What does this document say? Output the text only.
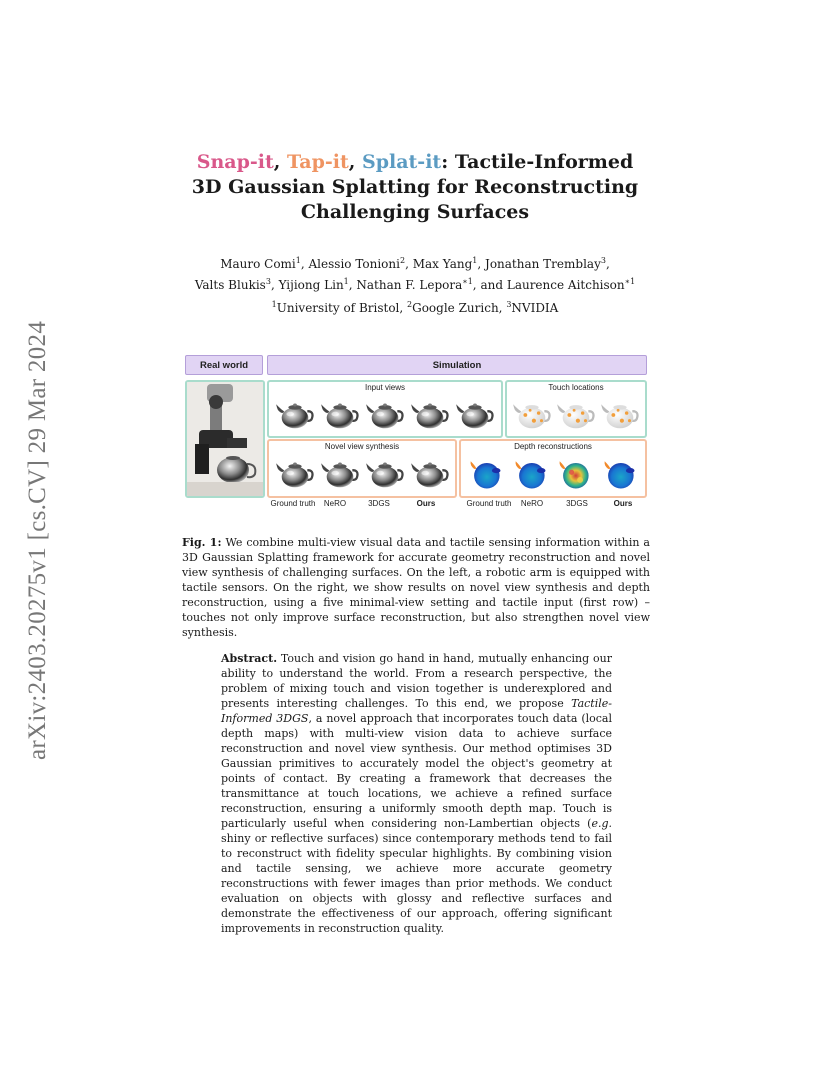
arXiv:2403.20275v1 [cs.CV] 29 Mar 2024
Snap-it, Tap-it, Splat-it: Tactile-Informed 3D Gaussian Splatting for Reconstructing Challenging Surfaces
Mauro Comi$^1$, Alessio Tonioni$^2$, Max Yang$^1$, Jonathan Tremblay$^3$,
Valts Blukis$^3$, Yijiong Lin$^1$, Nathan F. Lepora$^{∗1}$, and Laurence Aitchison$^{∗1}$
$^1$University of Bristol, $^2$Google Zurich, $^3$NVIDIA
Real world	Simulation
Input views	Touch locations
Novel view synthesis	Depth reconstructions
Ground truth	NeRO	3DGS	Ours	Ground truth	NeRO	3DGS	Ours
Fig. 1: We combine multi-view visual data and tactile sensing information within a 3D Gaussian Splatting framework for accurate geometry reconstruction and novel view synthesis of challenging surfaces. On the left, a robotic arm is equipped with tactile sensors. On the right, we show results on novel view synthesis and depth reconstruction, using a five minimal-view setting and tactile input (first row) – touches not only improve surface reconstruction, but also strengthen novel view synthesis.
Abstract. Touch and vision go hand in hand, mutually enhancing our ability to understand the world. From a research perspective, the problem of mixing touch and vision together is underexplored and presents interesting challenges. To this end, we propose Tactile-Informed 3DGS, a novel approach that incorporates touch data (local depth maps) with multi-view vision data to achieve surface reconstruction and novel view synthesis. Our method optimises 3D Gaussian primitives to accurately model the object's geometry at points of contact. By creating a framework that decreases the transmittance at touch locations, we achieve a refined surface reconstruction, ensuring a uniformly smooth depth map. Touch is particularly useful when considering non-Lambertian objects (e.g. shiny or reflective surfaces) since contemporary methods tend to fail to reconstruct with fidelity specular highlights. By combining vision and tactile sensing, we achieve more accurate geometry reconstructions with fewer images than prior methods. We conduct evaluation on objects with glossy and reflective surfaces and demonstrate the effectiveness of our approach, offering significant improvements in reconstruction quality.
